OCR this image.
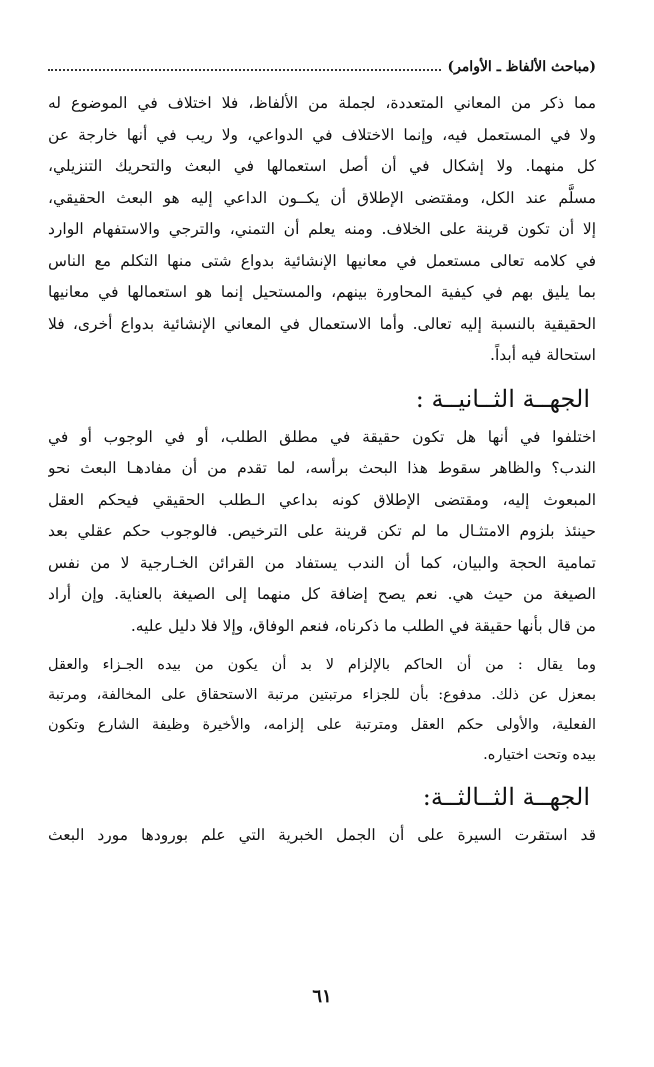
(مباحث الألفاظ ـ الأوامر)
مما ذكر من المعاني المتعددة، لجملة من الألفاظ، فلا اختلاف في الموضوع له
ولا في المستعمل فيه، وإنما الاختلاف في الدواعي، ولا ريب في أنها خارجة عن
كل منهما. ولا إشكال في أن أصل استعمالها في البعث والتحريك التنزيلي،
مسلَّم عند الكل، ومقتضى الإطلاق أن يكــون الداعي إليه هو البعث الحقيقي،
إلا أن تكون قرينة على الخلاف. ومنه يعلم أن التمني، والترجي والاستفهام الوارد
في كلامه تعالى مستعمل في معانيها الإنشائية بدواع شتى منها التكلم مع الناس
بما يليق بهم في كيفية المحاورة بينهم، والمستحيل إنما هو استعمالها في معانيها
الحقيقية بالنسبة إليه تعالى. وأما الاستعمال في المعاني الإنشائية بدواع أخرى، فلا
استحالة فيه أبداً.
الجهــة الثــانيــة :
اختلفوا في أنها هل تكون حقيقة في مطلق الطلب، أو في الوجوب أو في
الندب؟ والظاهر سقوط هذا البحث برأسه، لما تقدم من أن مفادهـا البعث نحو
المبعوث إليه، ومقتضى الإطلاق كونه بداعي الـطلب الحقيقي فيحكم العقل
حينئذ بلزوم الامتثـال ما لم تكن قرينة على الترخيص. فالوجوب حكم عقلي بعد
تمامية الحجة والبيان، كما أن الندب يستفاد من القرائن الخـارجية لا من نفس
الصيغة من حيث هي. نعم يصح إضافة كل منهما إلى الصيغة بالعناية. وإن أراد
من قال بأنها حقيقة في الطلب ما ذكرناه، فنعم الوفاق، وإلا فلا دليل عليه.
وما يقال : من أن الحاكم بالإلزام لا بد أن يكون من بيده الجـزاء والعقل
بمعزل عن ذلك. مدفوع: بأن للجزاء مرتبتين مرتبة الاستحقاق على المخالفة، ومرتبة
الفعلية، والأولى حكم العقل ومترتبة على إلزامه، والأخيرة وظيفة الشارع وتكون
بيده وتحت اختياره.
الجهــة الثــالثــة:
قد استقرت السيرة على أن الجمل الخبرية التي علم بورودها مورد البعث
٦١
